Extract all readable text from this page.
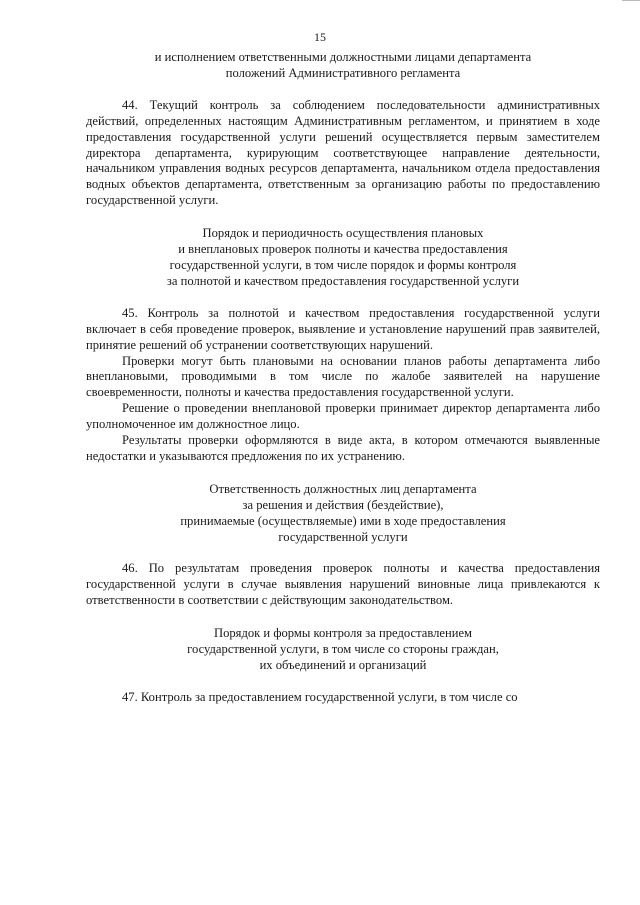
15

и исполнением ответственными должностными лицами департамента

положений Административного регламента

44. Текущий контроль за соблюдением последовательности административных действий, определенных настоящим Административным регламентом, и принятием в ходе предоставления государственной услуги решений осуществляется первым заместителем директора департамента, курирующим соответствующее направление деятельности, начальником управления водных ресурсов департамента, начальником отдела предоставления водных объектов департамента, ответственным за организацию работы по предоставлению государственной услуги.

Порядок и периодичность осуществления плановых

и внеплановых проверок полноты и качества предоставления

государственной услуги, в том числе порядок и формы контроля

за полнотой и качеством предоставления государственной услуги

45. Контроль за полнотой и качеством предоставления государственной услуги включает в себя проведение проверок, выявление и установление нарушений прав заявителей, принятие решений об устранении соответствующих нарушений.

Проверки могут быть плановыми на основании планов работы департамента либо внеплановыми, проводимыми в том числе по жалобе заявителей на нарушение своевременности, полноты и качества предоставления государственной услуги.

Решение о проведении внеплановой проверки принимает директор департамента либо уполномоченное им должностное лицо.

Результаты проверки оформляются в виде акта, в котором отмечаются выявленные недостатки и указываются предложения по их устранению.

Ответственность должностных лиц департамента

за решения и действия (бездействие),

принимаемые (осуществляемые) ими в ходе предоставления

государственной услуги

46. По результатам проведения проверок полноты и качества предоставления государственной услуги в случае выявления нарушений виновные лица привлекаются к ответственности в соответствии с действующим законодательством.

Порядок и формы контроля за предоставлением

государственной услуги, в том числе со стороны граждан,

их объединений и организаций

47. Контроль за предоставлением государственной услуги, в том числе со
